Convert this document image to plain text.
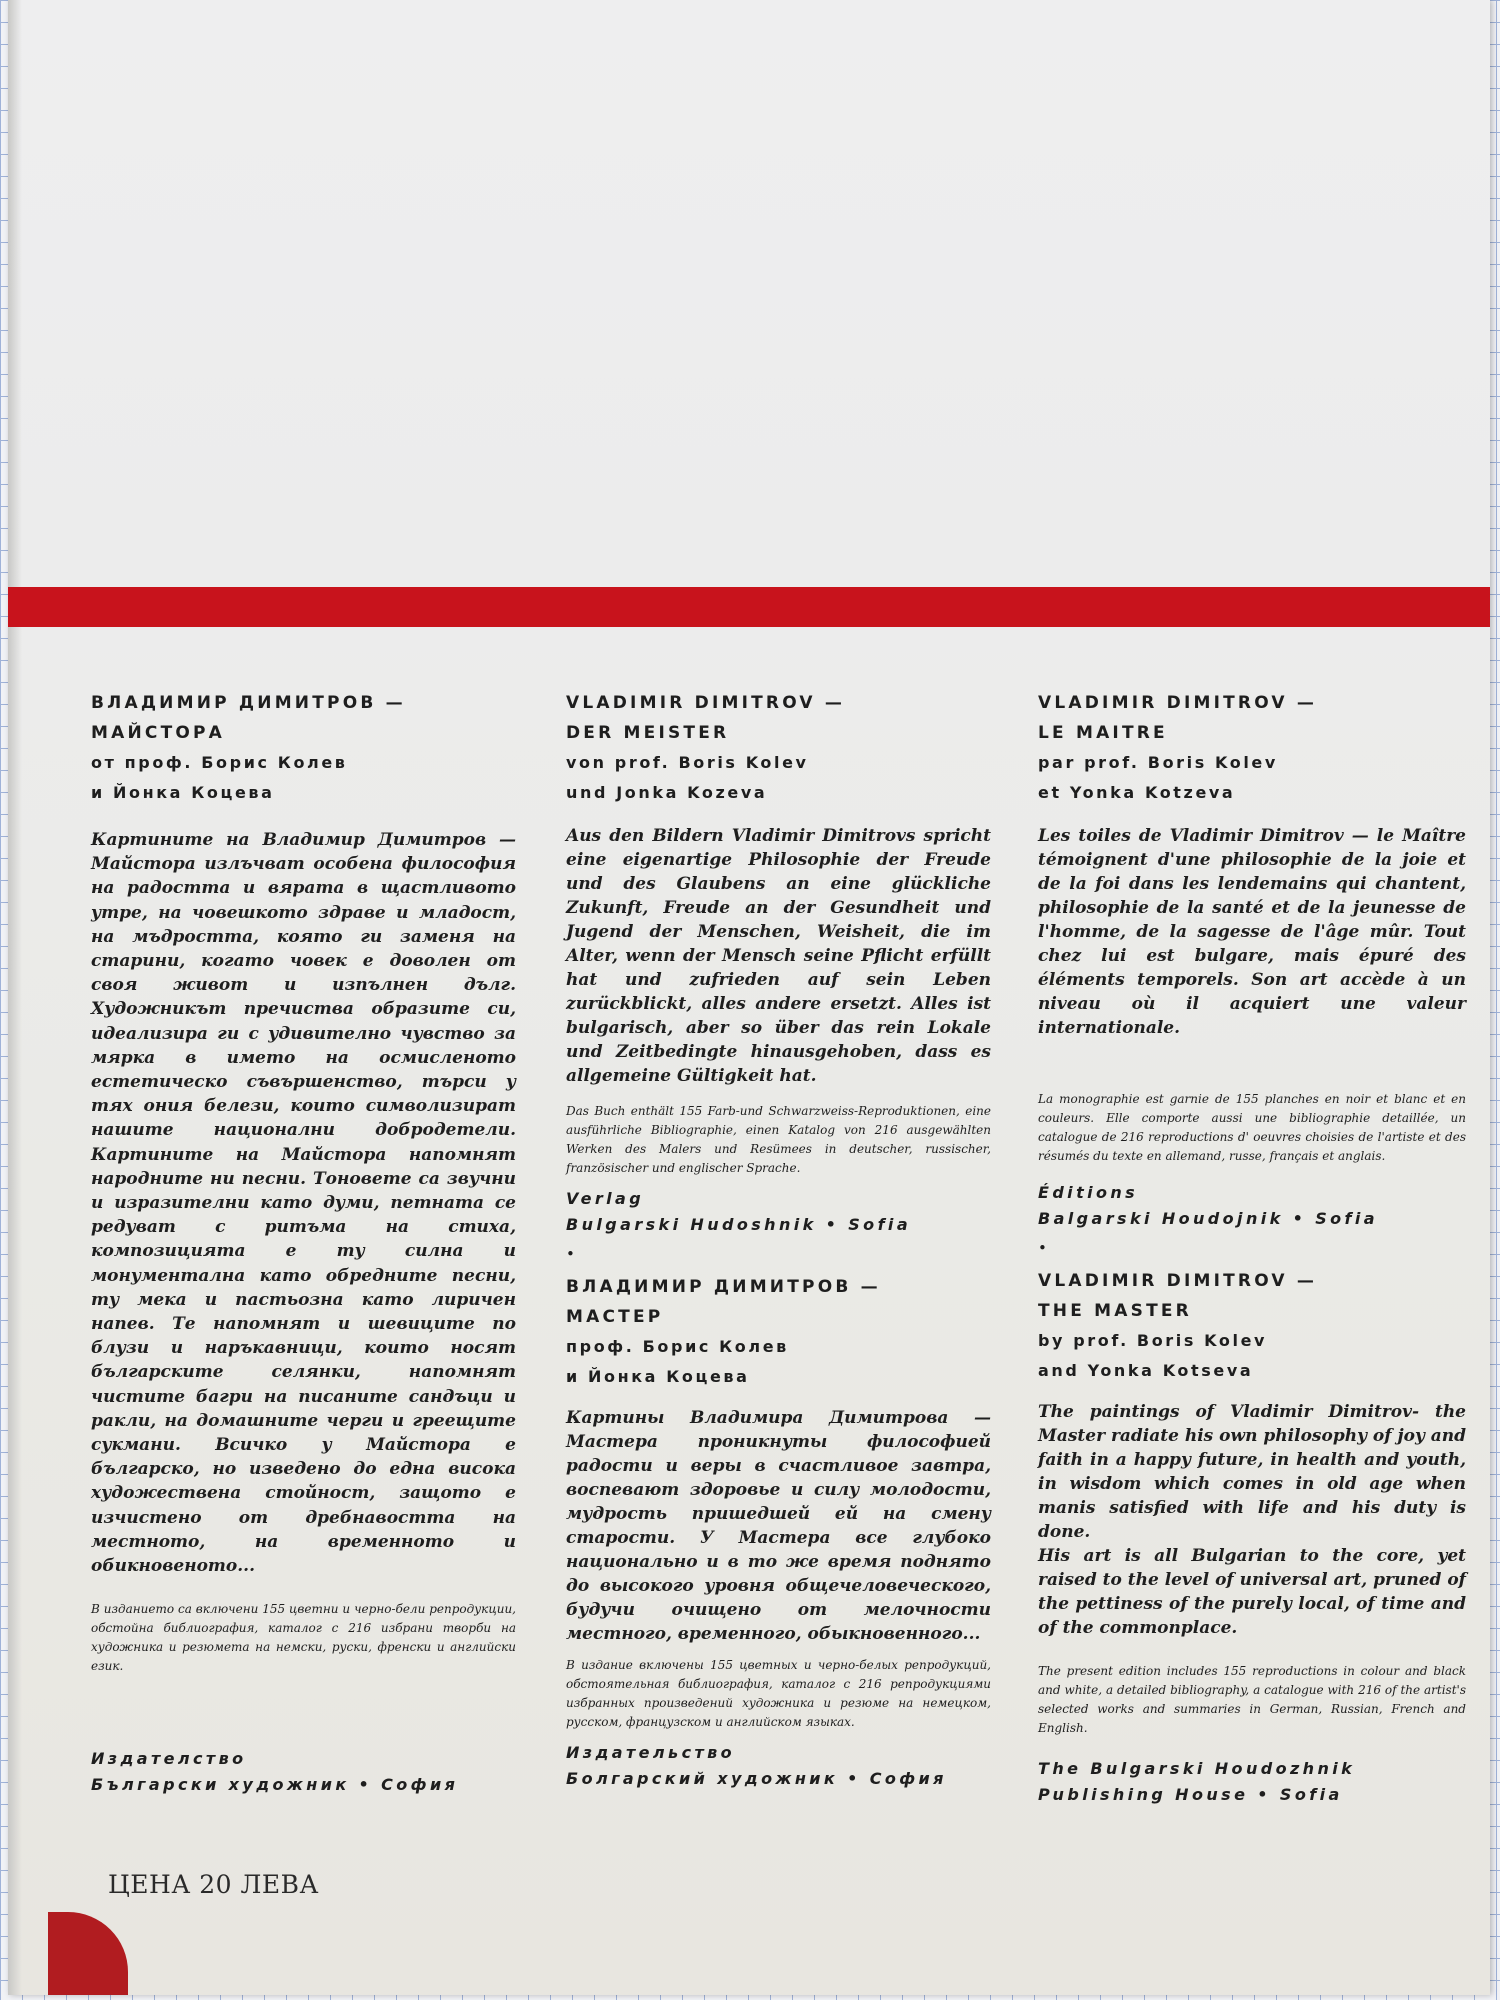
ВЛАДИМИР ДИМИТРОВ —
МАЙСТОРА

от проф. Борис Колев
и Йонка Коцева

Картините на Владимир Димитров — Майстора излъчват особена философия на радостта и вярата в щастливото утре, на човешкото здраве и младост, на мъдростта, която ги заменя на старини, когато човек е доволен от своя живот и изпълнен дълг. Художникът пречиства образите си, идеализира ги с удивително чувство за мярка в името на осмисленото естетическо съвършенство, търси у тях ония белези, които символизират нашите национални добродетели. Картините на Майстора напомнят народните ни песни. Тоновете са звучни и изразителни като думи, петната се редуват с ритъма на стиха, композицията е ту силна и монументална като обредните песни, ту мека и пастьозна като лиричен напев. Те напомнят и шевиците по блузи и наръкавници, които носят българските селянки, напомнят чистите багри на писаните сандъци и ракли, на домашните черги и греещите сукмани. Всичко у Майстора е българско, но изведено до една висока художествена стойност, защото е изчистено от дребнавостта на местното, на временното и обикновеното...

В изданието са включени 155 цветни и черно-бели репродукции, обстойна библиография, каталог с 216 избрани творби на художника и резюмета на немски, руски, френски и английски език.

Издателство
Български художник • София

VLADIMIR DIMITROV —
DER MEISTER

von prof. Boris Kolev
und Jonka Kozeva

Aus den Bildern Vladimir Dimitrovs spricht eine eigenartige Philosophie der Freude und des Glaubens an eine glückliche Zukunft, Freude an der Gesundheit und Jugend der Menschen, Weisheit, die im Alter, wenn der Mensch seine Pflicht erfüllt hat und zufrieden auf sein Leben zurückblickt, alles andere ersetzt. Alles ist bulgarisch, aber so über das rein Lokale und Zeitbedingte hinausgehoben, dass es allgemeine Gültigkeit hat.

Das Buch enthält 155 Farb-und Schwarzweiss-Reproduktionen, eine ausführliche Bibliographie, einen Katalog von 216 ausgewählten Werken des Malers und Resümees in deutscher, russischer, französischer und englischer Sprache.

Verlag
Bulgarski Hudoshnik • Sofia

•

ВЛАДИМИР ДИМИТРОВ —
МАСТЕР

проф. Борис Колев
и Йонка Коцева

Картины Владимира Димитрова — Мастера проникнуты философией радости и веры в счастливое завтра, воспевают здоровье и силу молодости, мудрость пришедшей ей на смену старости. У Мастера все глубоко национально и в то же время поднято до высокого уровня общечеловеческого, будучи очищено от мелочности местного, временного, обыкновенного...

В издание включены 155 цветных и черно-белых репродукций, обстоятельная библиография, каталог с 216 репродукциями избранных произведений художника и резюме на немецком, русском, французском и английском языках.

Издательство
Болгарский художник • София

VLADIMIR DIMITROV —
LE MAITRE

par prof. Boris Kolev
et Yonka Kotzeva

Les toiles de Vladimir Dimitrov — le Maître témoignent d'une philosophie de la joie et de la foi dans les lendemains qui chantent, philosophie de la santé et de la jeunesse de l'homme, de la sagesse de l'âge mûr. Tout chez lui est bulgare, mais épuré des éléments temporels. Son art accède à un niveau où il acquiert une valeur internationale.

La monographie est garnie de 155 planches en noir et blanc et en couleurs. Elle comporte aussi une bibliographie detaillée, un catalogue de 216 reproductions d' oeuvres choisies de l'artiste et des résumés du texte en allemand, russe, français et anglais.

Éditions
Balgarski Houdojnik • Sofia

•

VLADIMIR DIMITROV —
THE MASTER

by prof. Boris Kolev
and Yonka Kotseva

The paintings of Vladimir Dimitrov- the Master radiate his own philosophy of joy and faith in a happy future, in health and youth, in wisdom which comes in old age when manis satisfied with life and his duty is done.
His art is all Bulgarian to the core, yet raised to the level of universal art, pruned of the pettiness of the purely local, of time and of the commonplace.

The present edition includes 155 reproductions in colour and black and white, a detailed bibliography, a catalogue with 216 of the artist's selected works and summaries in German, Russian, French and English.

The Bulgarski Houdozhnik
Publishing House • Sofia

ЦЕНА 20 ЛЕВА
